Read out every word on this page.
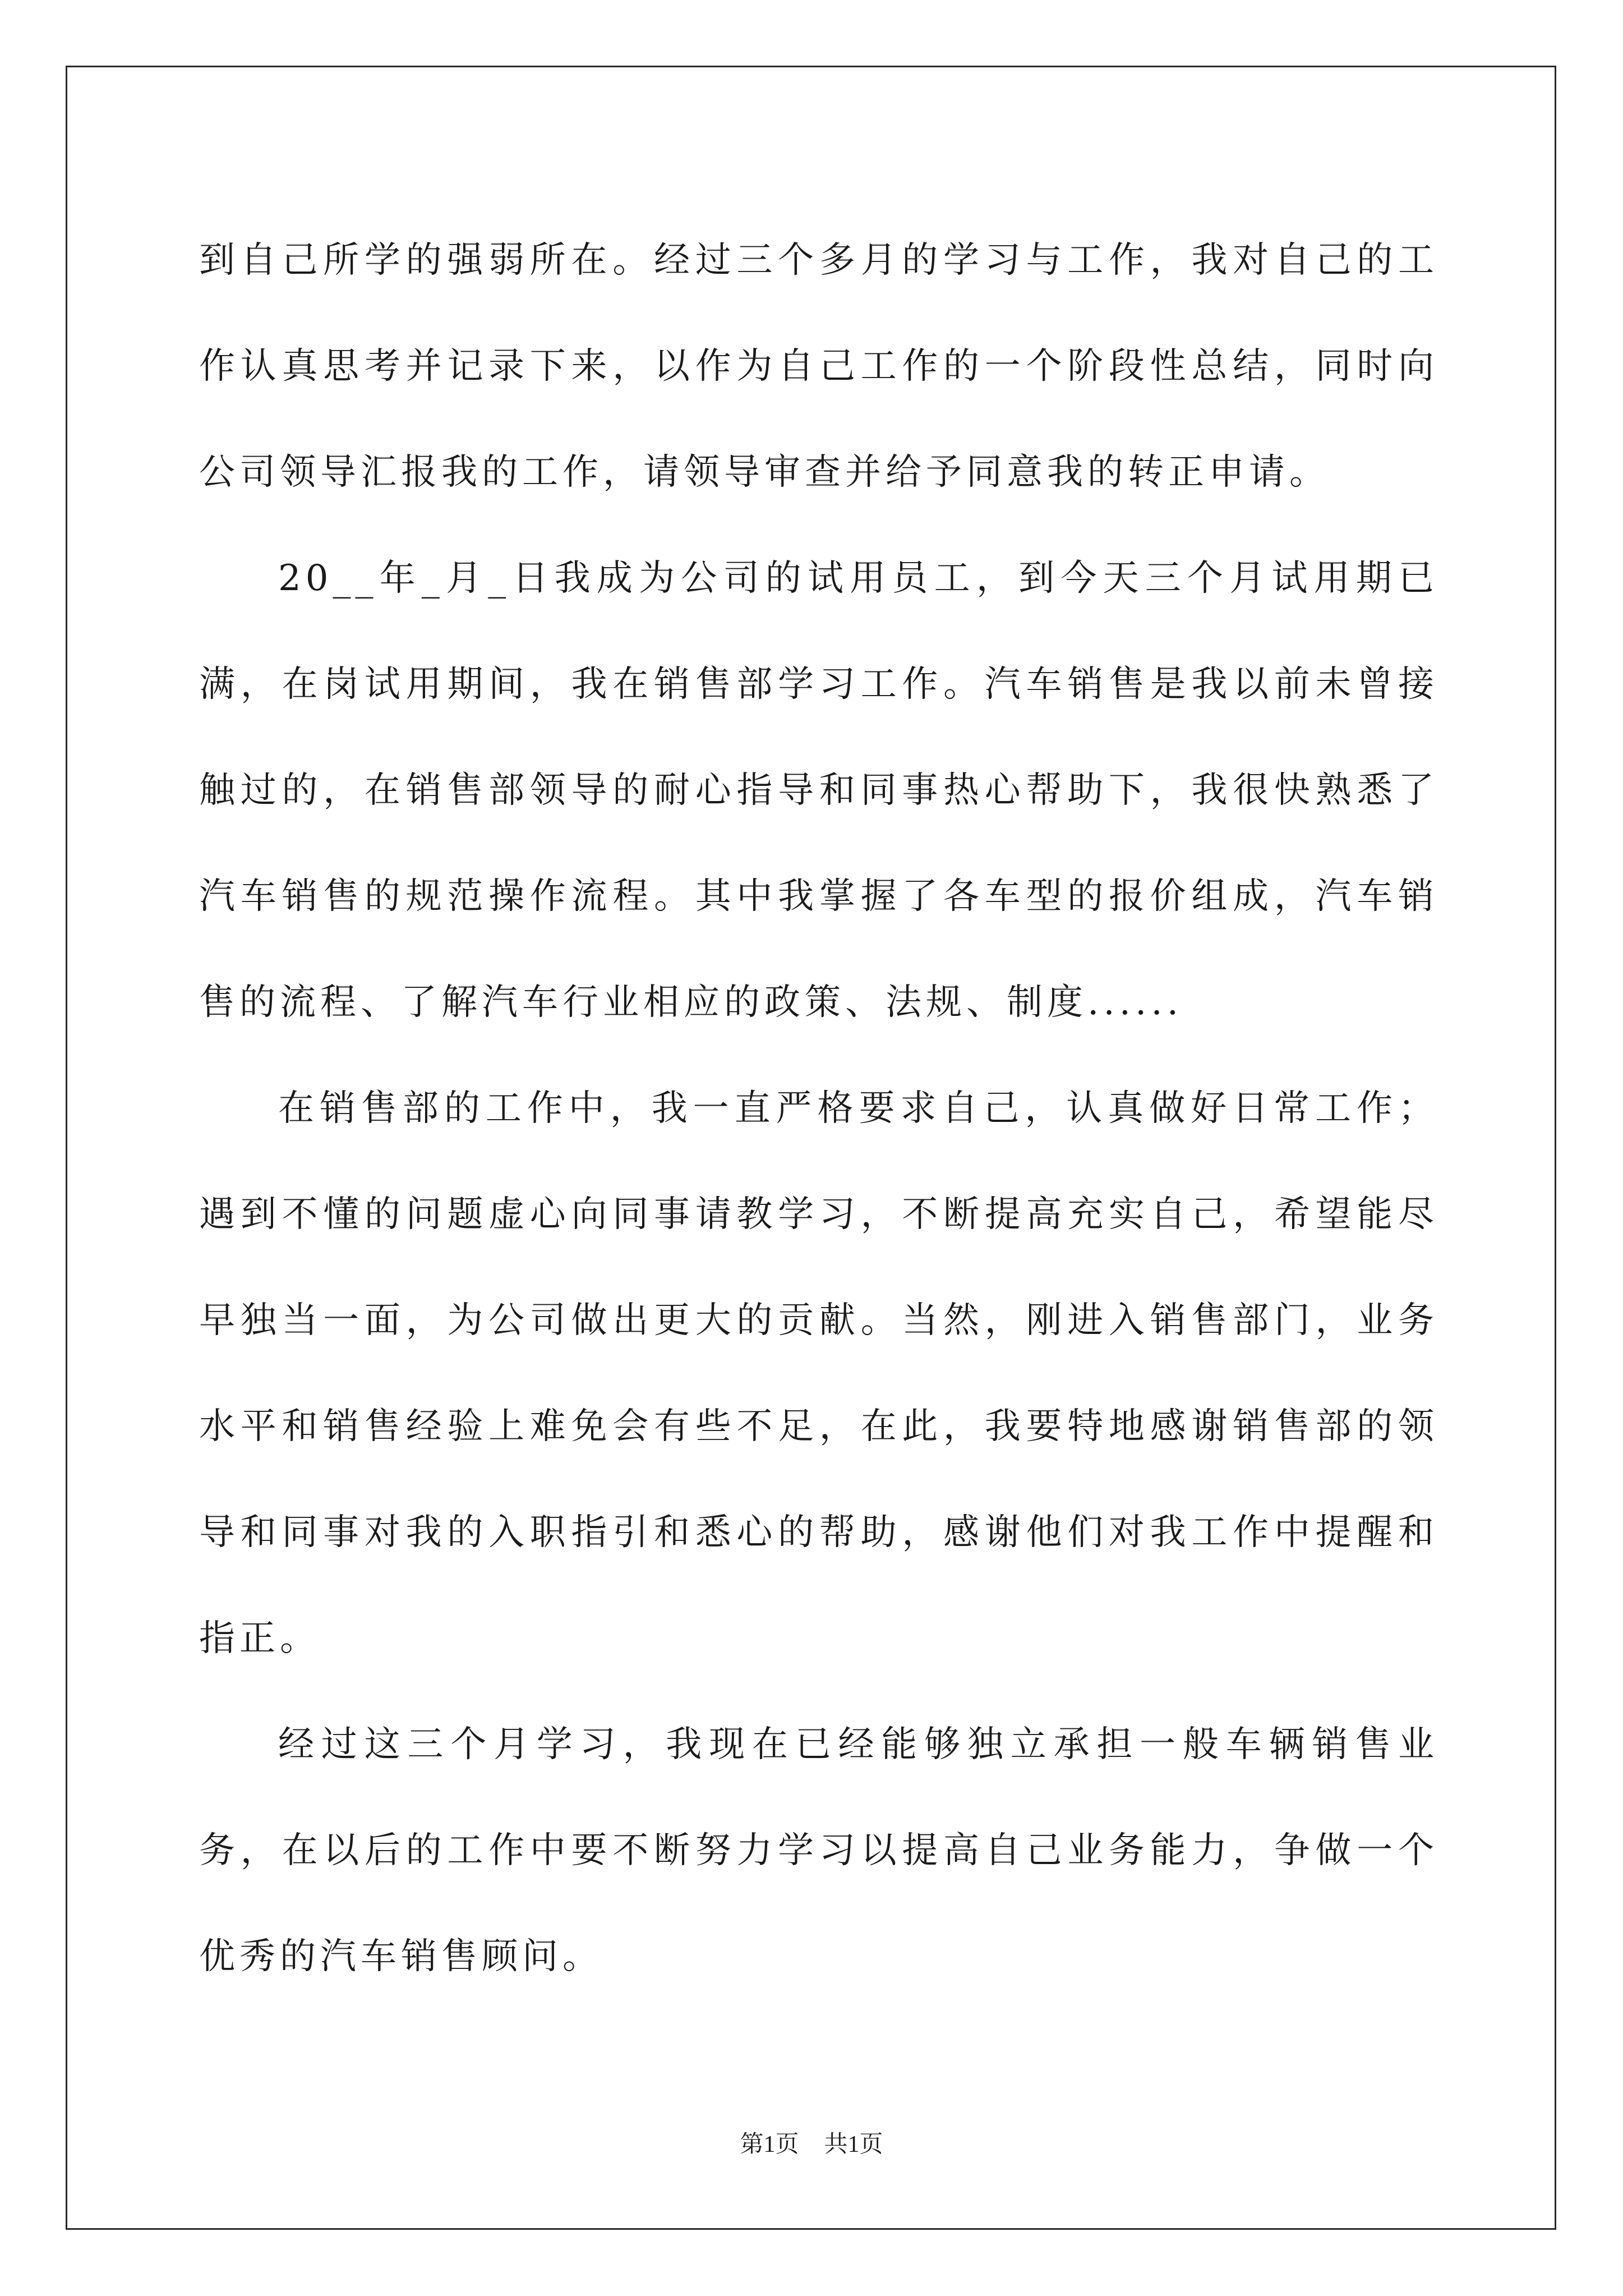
到自己所学的强弱所在。经过三个多月的学习与工作，我对自己的工作认真思考并记录下来，以作为自己工作的一个阶段性总结，同时向公司领导汇报我的工作，请领导审查并给予同意我的转正申请。

20__年_月_日我成为公司的试用员工，到今天三个月试用期已满，在岗试用期间，我在销售部学习工作。汽车销售是我以前未曾接触过的，在销售部领导的耐心指导和同事热心帮助下，我很快熟悉了汽车销售的规范操作流程。其中我掌握了各车型的报价组成，汽车销售的流程、了解汽车行业相应的政策、法规、制度......

在销售部的工作中，我一直严格要求自己，认真做好日常工作；遇到不懂的问题虚心向同事请教学习，不断提高充实自己，希望能尽早独当一面，为公司做出更大的贡献。当然，刚进入销售部门，业务水平和销售经验上难免会有些不足，在此，我要特地感谢销售部的领导和同事对我的入职指引和悉心的帮助，感谢他们对我工作中提醒和指正。

经过这三个月学习，我现在已经能够独立承担一般车辆销售业务，在以后的工作中要不断努力学习以提高自己业务能力，争做一个优秀的汽车销售顾问。

第1页 共1页
